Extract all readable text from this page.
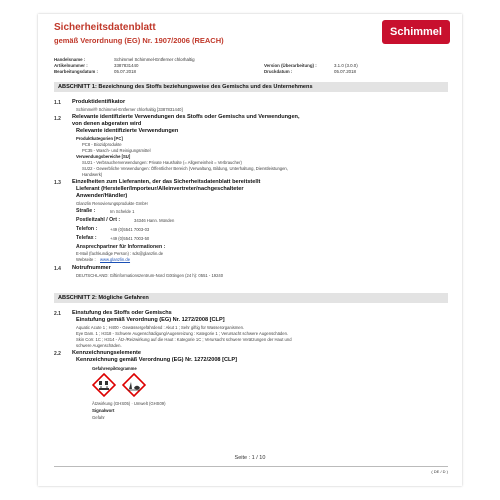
Sicherheitsdatenblatt
gemäß Verordnung (EG) Nr. 1907/2006 (REACH)
Schimmel
Handelsname :	Schimmel Schimmel-Entferner chlorhaltig
Artikelnummer :	3387831440	Version (Überarbeitung) :	3.1.0 (3.0.0)
Bearbeitungsdatum :	05.07.2018	Druckdatum :	05.07.2018
ABSCHNITT 1: Bezeichnung des Stoffs beziehungsweise des Gemischs und des Unternehmens
1.1 Produktidentifikator
Schimmel® Schimmel-Entferner chlorhaltig [3387831440]
1.2 Relevante identifizierte Verwendungen des Stoffs oder Gemischs und Verwendungen,
von denen abgeraten wird
Relevante identifizierte Verwendungen
Produktkategorien [PC]
PC8 - Biozidprodukte
PC35 - Wasch- und Reinigungsmittel
Verwendungsbereiche [SU]
SU21 - Verbraucherverwendungen: Private Haushalte (= Allgemeinheit = Verbraucher)
SU22 - Gewerbliche Verwendungen: Öffentlicher Bereich (Verwaltung, Bildung, Unterhaltung, Dienstleistungen,
Handwerk)
1.3 Einzelheiten zum Lieferanten, der das Sicherheitsdatenblatt bereitstellt
Lieferant (Hersteller/Importeur/Alleinvertreter/nachgeschalteter
Anwender/Händler)
Glanzlin Renovierungsprodukte GmbH
Straße :	Im Schelde 1
Postleitzahl / Ort :	34346 Hann. Münden
Telefon :	+49 (0)5541 7003-03
Telefax :	+49 (0)5541 7003-50
Ansprechpartner für Informationen :
E-Mail (fachkundige Person) : sds@glanzlin.de
Webseite : www.glanzlin.de
1.4 Notrufnummer
DEUTSCHLAND: Giftinformationszentrum-Nord Göttingen (24 h): 0551 - 19240
ABSCHNITT 2: Mögliche Gefahren
2.1 Einstufung des Stoffs oder Gemischs
Einstufung gemäß Verordnung (EG) Nr. 1272/2008 [CLP]
Aquatic Acute 1 ; H400 - Gewässergefährdend : Akut 1 ; Sehr giftig für Wasserorganismen.
Eye Dam. 1 ; H318 - Schwere Augenschädigung/Augenreizung : Kategorie 1 ; Verursacht schwere Augenschäden.
Skin Corr. 1C ; H314 - Ätz-/Reizwirkung auf die Haut : Kategorie 1C ; Verursacht schwere Verätzungen der Haut und
schwere Augenschäden.
2.2 Kennzeichnungselemente
Kennzeichnung gemäß Verordnung (EG) Nr. 1272/2008 [CLP]
Gefahrenpiktogramme
Ätzwirkung (GHS05) · Umwelt (GHS09)
Signalwort
Gefahr
Seite : 1 / 10
( DE / D )
